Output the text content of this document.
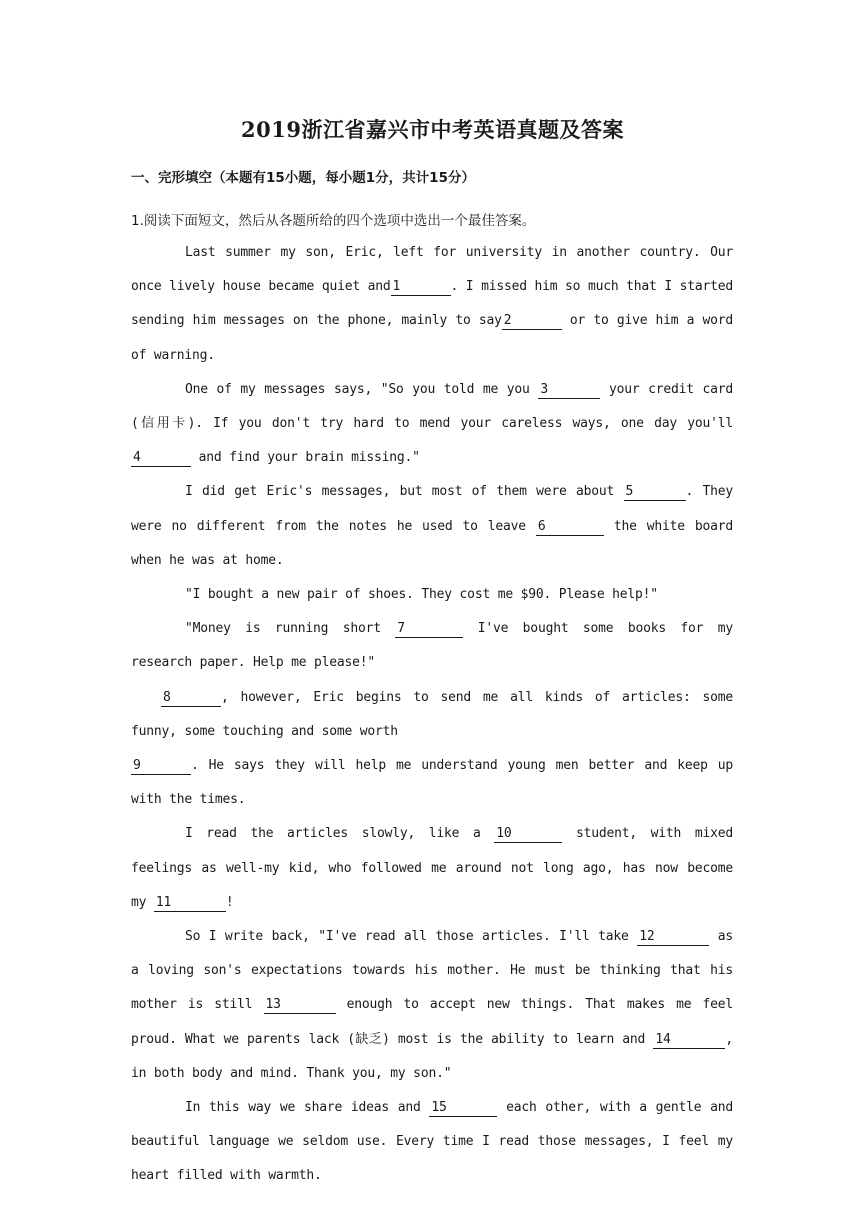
2019浙江省嘉兴市中考英语真题及答案
一、完形填空（本题有15小题，每小题1分，共计15分）
1.阅读下面短文，然后从各题所给的四个选项中选出一个最佳答案。

Last summer my son, Eric, left for university in another country. Our once lively house became quiet and 1	. I missed him so much that I started sending him messages on the phone, mainly to say 2	or to give him a word of warning.

One of my messages says, "So you told me you 3	your credit card (信用卡). If you don't try hard to mend your careless ways, one day you'll 4	and find your brain missing."

I did get Eric's messages, but most of them were about 5	. They were no different from the notes he used to leave 6	the white board when he was at home.

"I bought a new pair of shoes. They cost me $90. Please help!"

"Money is running short 7	I've bought some books for my research paper. Help me please!"

8	, however, Eric begins to send me all kinds of articles: some funny, some touching and some worth

9	. He says they will help me understand young men better and keep up with the times.

I read the articles slowly, like a 10	student, with mixed feelings as well-my kid, who followed me around not long ago, has now become my 11	!

So I write back, "I've read all those articles. I'll take 12	as a loving son's expectations towards his mother. He must be thinking that his mother is still 13	enough to accept new things. That makes me feel proud. What we parents lack (缺乏) most is the ability to learn and 14	, in both body and mind. Thank you, my son."

In this way we share ideas and 15	each other, with a gentle and beautiful language we seldom use. Every time I read those messages, I feel my heart filled with warmth.
